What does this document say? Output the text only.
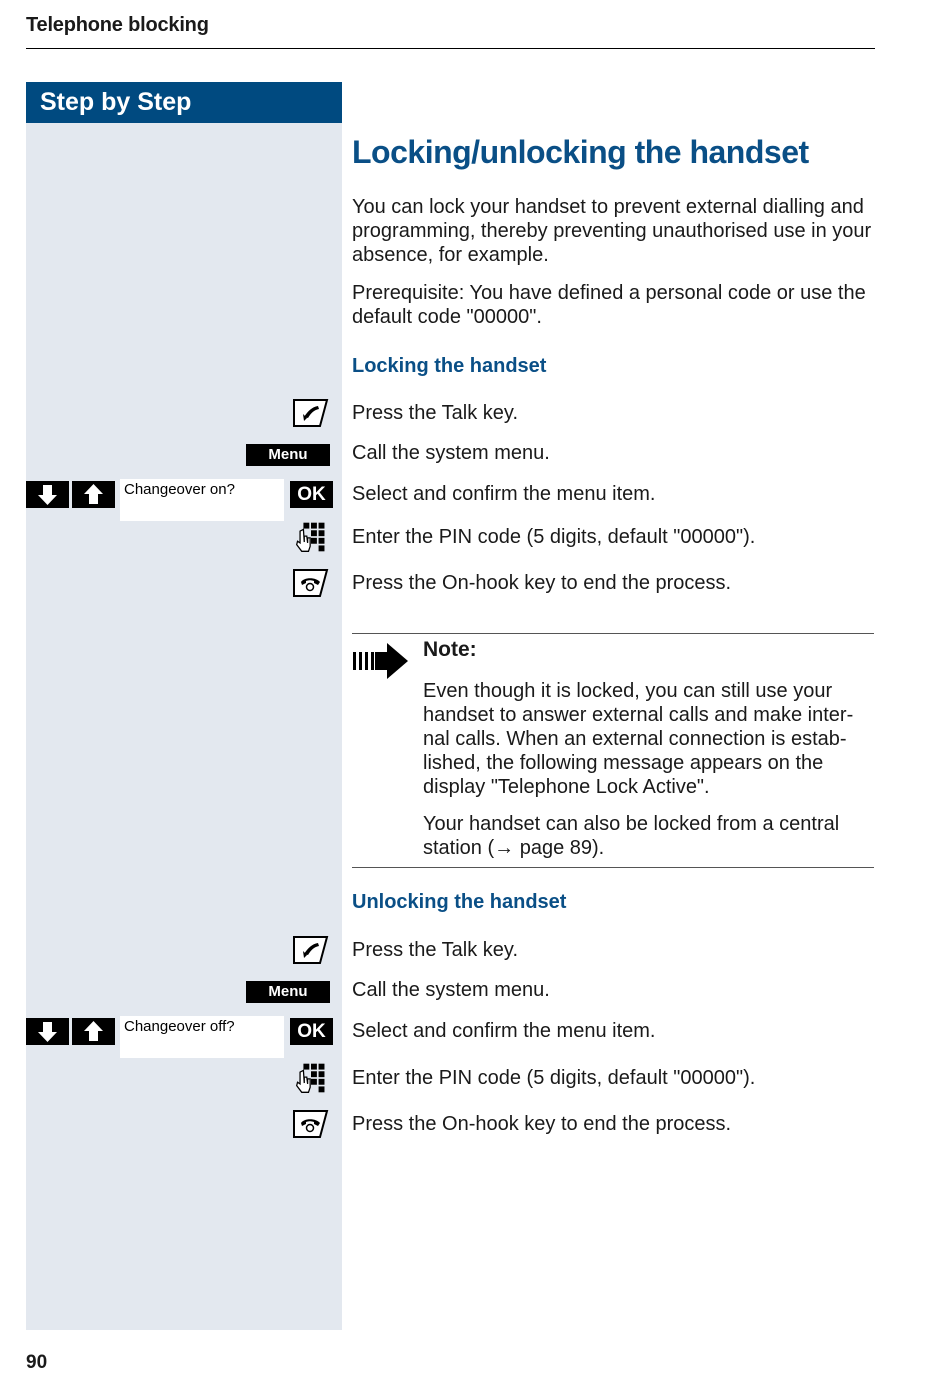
Telephone blocking
Step by Step
Locking/unlocking the handset
You can lock your handset to prevent external dialling and programming, thereby preventing unauthorised use in your absence, for example.
Prerequisite: You have defined a personal code or use the default code "00000".
Locking the handset
Press the Talk key.
Menu	Call the system menu.
Changeover on?	OK	Select and confirm the menu item.
Enter the PIN code (5 digits, default "00000").
Press the On-hook key to end the process.
Note:
Even though it is locked, you can still use your handset to answer external calls and make inter-nal calls. When an external connection is estab-lished, the following message appears on the display "Telephone Lock Active".
Your handset can also be locked from a central station (→ page 89).
Unlocking the handset
Press the Talk key.
Menu	Call the system menu.
Changeover off?	OK	Select and confirm the menu item.
Enter the PIN code (5 digits, default "00000").
Press the On-hook key to end the process.
90
